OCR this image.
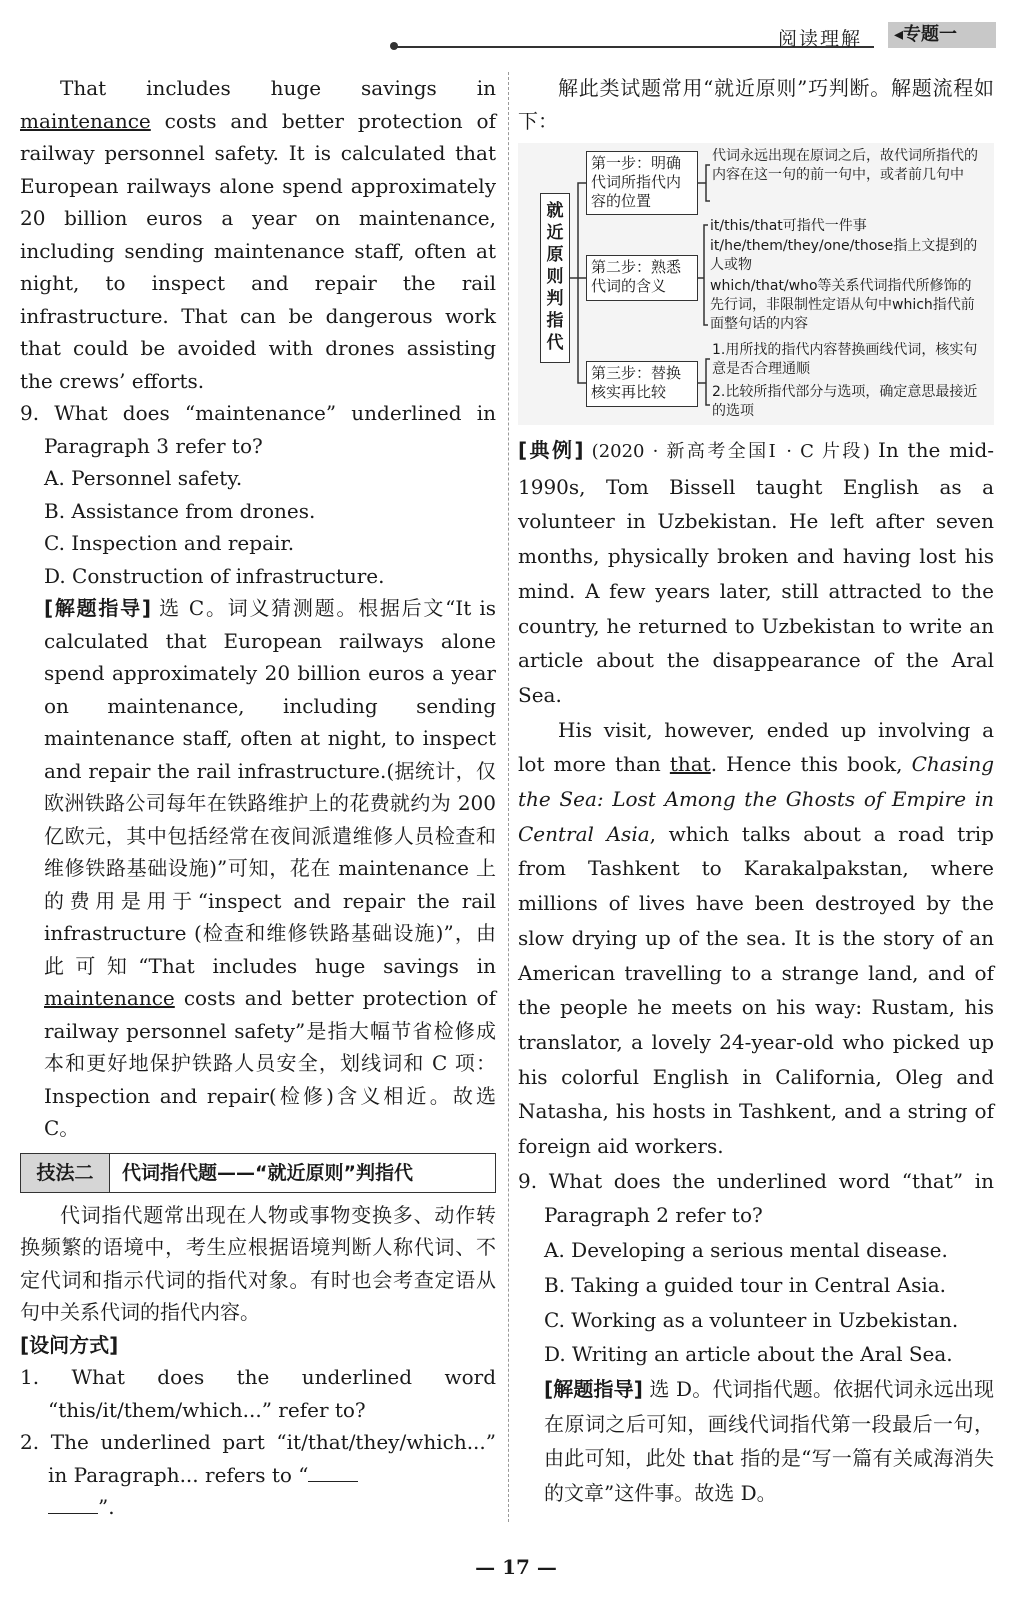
阅读理解	◂专题一

That includes huge savings in maintenance costs and better protection of railway personnel safety. It is calculated that European railways alone spend approximately 20 billion euros a year on maintenance, including sending maintenance staff, often at night, to inspect and repair the rail infrastructure. That can be dangerous work that could be avoided with drones assisting the crews’ efforts.

9. What does “maintenance” underlined in Paragraph 3 refer to?

A. Personnel safety.

B. Assistance from drones.

C. Inspection and repair.

D. Construction of infrastructure.

[解题指导] 选 C。词义猜测题。根据后文“It is calculated that European railways alone spend approximately 20 billion euros a year on maintenance, including sending maintenance staff, often at night, to inspect and repair the rail infrastructure.(据统计，仅欧洲铁路公司每年在铁路维护上的花费就约为 200 亿欧元，其中包括经常在夜间派遣维修人员检查和维修铁路基础设施)”可知，花在 maintenance 上的费用是用于“inspect and repair the rail infrastructure (检查和维修铁路基础设施)”，由此可知“That includes huge savings in maintenance costs and better protection of railway personnel safety”是指大幅节省检修成本和更好地保护铁路人员安全，划线词和 C 项：Inspection and repair(检修)含义相近。故选 C。

技法二	代词指代题——“就近原则”判指代

代词指代题常出现在人物或事物变换多、动作转换频繁的语境中，考生应根据语境判断人称代词、不定代词和指示代词的指代对象。有时也会考查定语从句中关系代词的指代内容。

[设问方式]

1. What does the underlined word “this/it/them/which...” refer to?

2. The underlined part “it/that/they/which...” in Paragraph... refers to “
”.

解此类试题常用“就近原则”巧判断。解题流程如下：

就近原则判指代
第一步：明确代词所指代内容的位置
代词永远出现在原词之后，故代词所指代的内容在这一句的前一句中，或者前几句中
第二步：熟悉代词的含义
it/this/that可指代一件事
it/he/them/they/one/those指上文提到的人或物
which/that/who等关系代词指代所修饰的先行词，非限制性定语从句中which指代前面整句话的内容
第三步：替换核实再比较
1.用所找的指代内容替换画线代词，核实句意是否合理通顺
2.比较所指代部分与选项，确定意思最接近的选项

[典例] (2020 · 新高考全国Ⅰ · C 片段) In the mid-1990s, Tom Bissell taught English as a volunteer in Uzbekistan. He left after seven months, physically broken and having lost his mind. A few years later, still attracted to the country, he returned to Uzbekistan to write an article about the disappearance of the Aral Sea.

His visit, however, ended up involving a lot more than that. Hence this book, Chasing the Sea: Lost Among the Ghosts of Empire in Central Asia, which talks about a road trip from Tashkent to Karakalpakstan, where millions of lives have been destroyed by the slow drying up of the sea. It is the story of an American travelling to a strange land, and of the people he meets on his way: Rustam, his translator, a lovely 24-year-old who picked up his colorful English in California, Oleg and Natasha, his hosts in Tashkent, and a string of foreign aid workers.

9. What does the underlined word “that” in Paragraph 2 refer to?

A. Developing a serious mental disease.

B. Taking a guided tour in Central Asia.

C. Working as a volunteer in Uzbekistan.

D. Writing an article about the Aral Sea.

[解题指导] 选 D。代词指代题。依据代词永远出现在原词之后可知，画线代词指代第一段最后一句，由此可知，此处 that 指的是“写一篇有关咸海消失的文章”这件事。故选 D。

— 17 —
